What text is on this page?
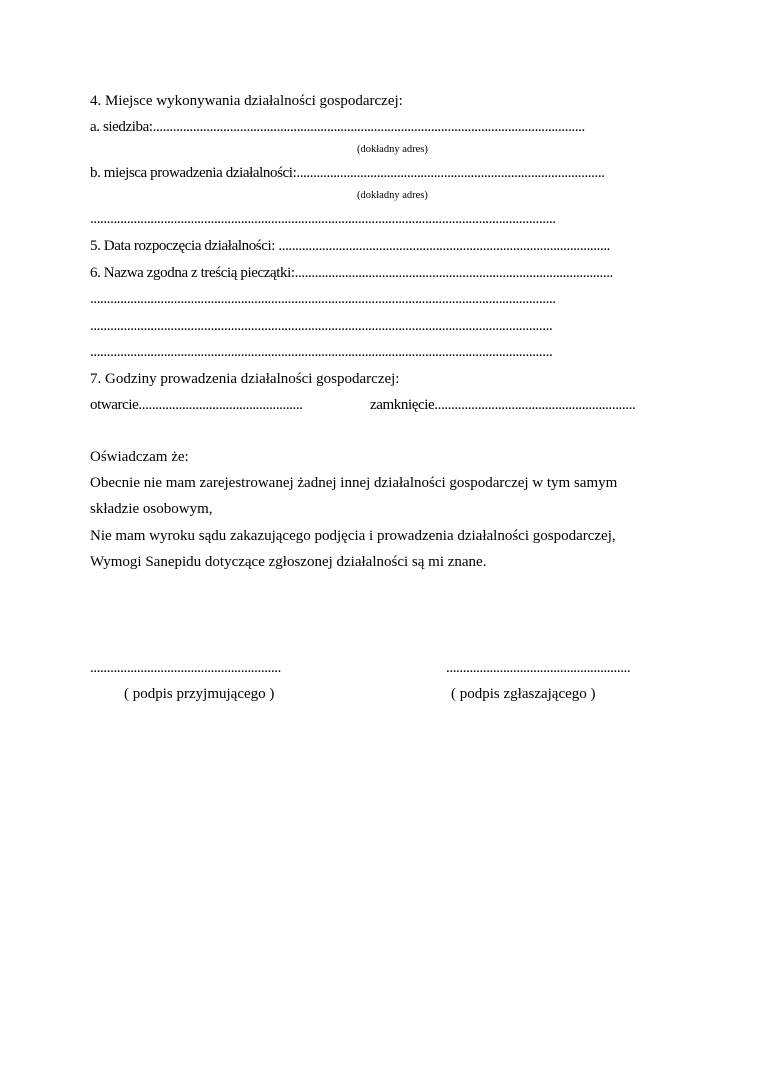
4. Miejsce wykonywania działalności gospodarczej:
a. siedziba:.................................................................................................................................
(dokładny adres)
b. miejsca prowadzenia działalności:............................................................................................
(dokładny adres)
...........................................................................................................................................
5. Data rozpoczęcia działalności: ...................................................................................................
6. Nazwa zgodna z treścią pieczątki:...............................................................................................
...........................................................................................................................................
..........................................................................................................................................
..........................................................................................................................................
7. Godziny prowadzenia działalności gospodarczej:
otwarcie.................................................	zamknięcie............................................................
Oświadczam że:
Obecnie nie mam zarejestrowanej żadnej innej działalności gospodarczej w tym samym
składzie osobowym,
Nie mam wyroku sądu zakazującego podjęcia i prowadzenia działalności gospodarczej,
Wymogi Sanepidu dotyczące zgłoszonej działalności są mi znane.
.........................................................
( podpis przyjmującego )
.......................................................
( podpis zgłaszającego )
